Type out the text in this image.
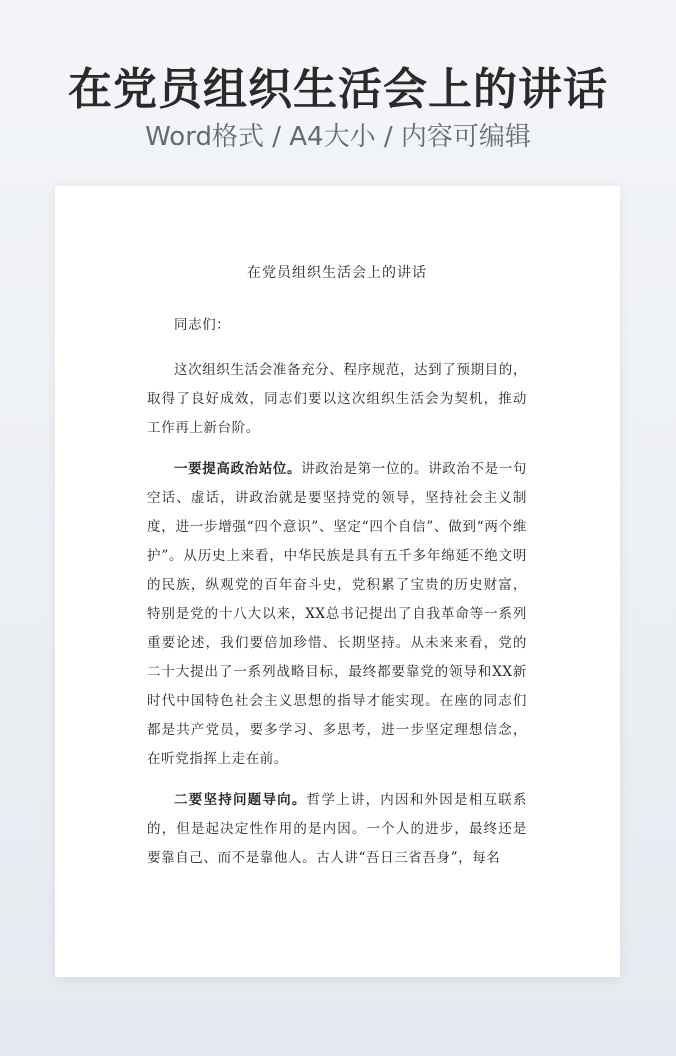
在党员组织生活会上的讲话
Word格式 / A4大小 / 内容可编辑
在党员组织生活会上的讲话

同志们：

这次组织生活会准备充分、程序规范，达到了预期目的，取得了良好成效，同志们要以这次组织生活会为契机，推动工作再上新台阶。

一要提高政治站位。讲政治是第一位的。讲政治不是一句空话、虚话，讲政治就是要坚持党的领导，坚持社会主义制度，进一步增强“四个意识”、坚定“四个自信”、做到“两个维护”。从历史上来看，中华民族是具有五千多年绵延不绝文明的民族，纵观党的百年奋斗史，党积累了宝贵的历史财富，特别是党的十八大以来，XX总书记提出了自我革命等一系列重要论述，我们要倍加珍惜、长期坚持。从未来来看，党的二十大提出了一系列战略目标，最终都要靠党的领导和XX新时代中国特色社会主义思想的指导才能实现。在座的同志们都是共产党员，要多学习、多思考，进一步坚定理想信念，在听党指挥上走在前。

二要坚持问题导向。哲学上讲，内因和外因是相互联系的，但是起决定性作用的是内因。一个人的进步，最终还是要靠自己、而不是靠他人。古人讲“吾日三省吾身”，每名
